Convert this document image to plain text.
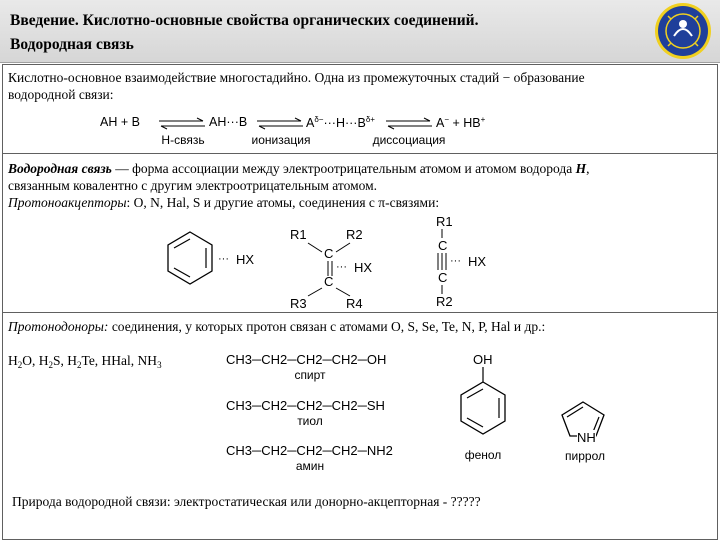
Введение. Кислотно-основные свойства органических соединений.
Водородная связь
Кислотно-основное взаимодействие многостадийно. Одна из промежуточных стадий − образование
водородной связи:
AH + B ⇌ AH···B ⇌ $A^{\delta-}\cdot\cdot\cdot H\cdot\cdot\cdot B^{\delta+}$ ⇌ A− + HB+
H-связь	ионизация	диссоциация
Водородная связь — форма ассоциации между электроотрицательным атомом и атомом водорода H,
связанным ковалентно с другим электроотрицательным атомом.
Протоноакцепторы: O, N, Hal, S и другие атомы, соединения с π-связями:
··· HX
R1	R2
C
C
R3	R4
··· HX
R1
C
C
R2
··· HX
Протонодоноры: соединения, у которых протон связан с атомами O, S, Se, Te, N, P, Hal и др.:
$H_2O$, $H_2S$, $H_2Te$, HHal, $NH_3$	CH3─CH2─CH2─CH2─OH
спирт
CH3─CH2─CH2─CH2─SH
тиол
CH3─CH2─CH2─CH2─NH2
амин
OH
фенол
NH
пиррол
Природа водородной связи: электростатическая или донорно-акцепторная - ?????
